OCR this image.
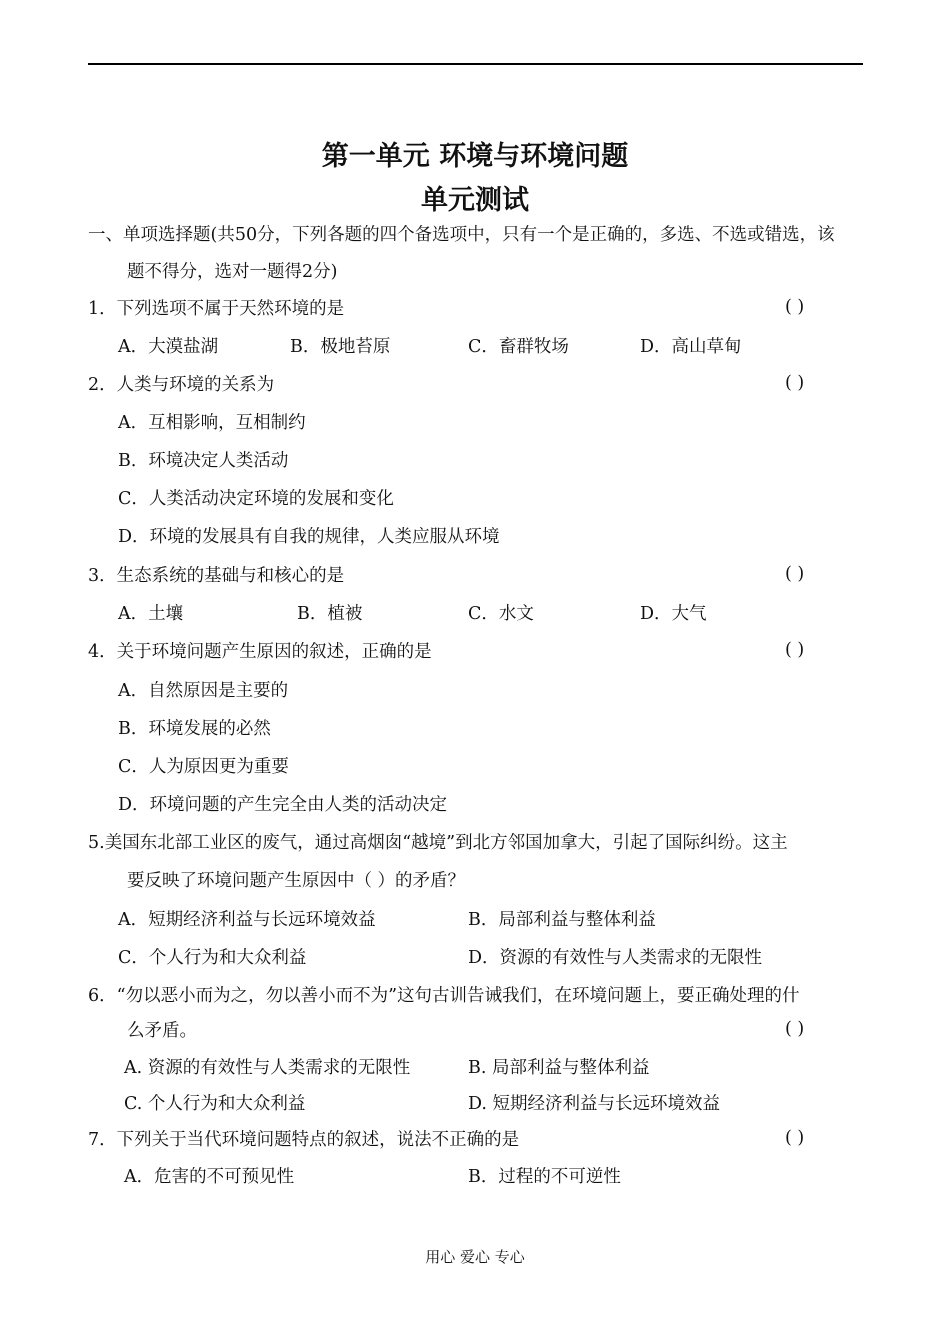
第一单元 环境与环境问题
单元测试
一、单项选择题(共50分，下列各题的四个备选项中，只有一个是正确的，多选、不选或错选，该
题不得分，选对一题得2分)
1．下列选项不属于天然环境的是	( )
A．大漠盐湖	B．极地苔原	C．畜群牧场	D．高山草甸
2．人类与环境的关系为	( )
A．互相影响，互相制约
B．环境决定人类活动
C．人类活动决定环境的发展和变化
D．环境的发展具有自我的规律，人类应服从环境
3．生态系统的基础与和核心的是	( )
A．土壤	B．植被	C．水文	D．大气
4．关于环境问题产生原因的叙述，正确的是	( )
A．自然原因是主要的
B．环境发展的必然
C．人为原因更为重要
D．环境问题的产生完全由人类的活动决定
5.美国东北部工业区的废气，通过高烟囱“越境”到北方邻国加拿大，引起了国际纠纷。这主
要反映了环境问题产生原因中（ ）的矛盾？
A．短期经济利益与长远环境效益	B．局部利益与整体利益
C．个人行为和大众利益	D．资源的有效性与人类需求的无限性
6．“勿以恶小而为之，勿以善小而不为”这句古训告诫我们，在环境问题上，要正确处理的什
么矛盾。	( )
A. 资源的有效性与人类需求的无限性	B. 局部利益与整体利益
C. 个人行为和大众利益	D. 短期经济利益与长远环境效益
7．下列关于当代环境问题特点的叙述，说法不正确的是	( )
A．危害的不可预见性	B．过程的不可逆性
用心 爱心 专心
